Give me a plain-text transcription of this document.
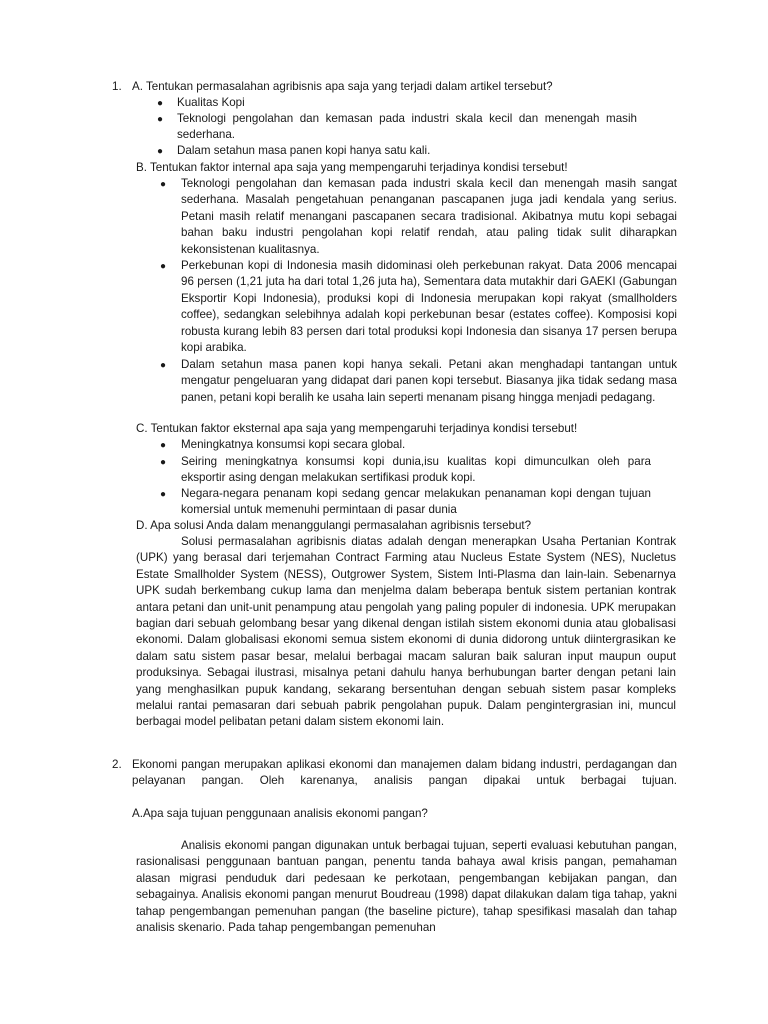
1. A. Tentukan permasalahan agribisnis apa saja yang terjadi dalam artikel tersebut?
● Kualitas Kopi
● Teknologi pengolahan dan kemasan pada industri skala kecil dan menengah masih sederhana.
● Dalam setahun masa panen kopi hanya satu kali.
B. Tentukan faktor internal apa saja yang mempengaruhi terjadinya kondisi tersebut!
● Teknologi pengolahan dan kemasan pada industri skala kecil dan menengah masih sangat sederhana. Masalah pengetahuan penanganan pascapanen juga jadi kendala yang serius. Petani masih relatif menangani pascapanen secara tradisional. Akibatnya mutu kopi sebagai bahan baku industri pengolahan kopi relatif rendah, atau paling tidak sulit diharapkan kekonsistenan kualitasnya.
● Perkebunan kopi di Indonesia masih didominasi oleh perkebunan rakyat. Data 2006 mencapai 96 persen (1,21 juta ha dari total 1,26 juta ha), Sementara data mutakhir dari GAEKI (Gabungan Eksportir Kopi Indonesia), produksi kopi di Indonesia merupakan kopi rakyat (smallholders coffee), sedangkan selebihnya adalah kopi perkebunan besar (estates coffee). Komposisi kopi robusta kurang lebih 83 persen dari total produksi kopi Indonesia dan sisanya 17 persen berupa kopi arabika.
● Dalam setahun masa panen kopi hanya sekali. Petani akan menghadapi tantangan untuk mengatur pengeluaran yang didapat dari panen kopi tersebut. Biasanya jika tidak sedang masa panen, petani kopi beralih ke usaha lain seperti menanam pisang hingga menjadi pedagang.
C. Tentukan faktor eksternal apa saja yang mempengaruhi terjadinya kondisi tersebut!
● Meningkatnya konsumsi kopi secara global.
● Seiring meningkatnya konsumsi kopi dunia,isu kualitas kopi dimunculkan oleh para eksportir asing dengan melakukan sertifikasi produk kopi.
● Negara-negara penanam kopi sedang gencar melakukan penanaman kopi dengan tujuan komersial untuk memenuhi permintaan di pasar dunia
D. Apa solusi Anda dalam menanggulangi permasalahan agribisnis tersebut?
Solusi permasalahan agribisnis diatas adalah dengan menerapkan Usaha Pertanian Kontrak (UPK) yang berasal dari terjemahan Contract Farming atau Nucleus Estate System (NES), Nucletus Estate Smallholder System (NESS), Outgrower System, Sistem Inti-Plasma dan lain-lain. Sebenarnya UPK sudah berkembang cukup lama dan menjelma dalam beberapa bentuk sistem pertanian kontrak antara petani dan unit-unit penampung atau pengolah yang paling populer di indonesia. UPK merupakan bagian dari sebuah gelombang besar yang dikenal dengan istilah sistem ekonomi dunia atau globalisasi ekonomi. Dalam globalisasi ekonomi semua sistem ekonomi di dunia didorong untuk diintergrasikan ke dalam satu sistem pasar besar, melalui berbagai macam saluran baik saluran input maupun ouput produksinya. Sebagai ilustrasi, misalnya petani dahulu hanya berhubungan barter dengan petani lain yang menghasilkan pupuk kandang, sekarang bersentuhan dengan sebuah sistem pasar kompleks melalui rantai pemasaran dari sebuah pabrik pengolahan pupuk. Dalam pengintergrasian ini, muncul berbagai model pelibatan petani dalam sistem ekonomi lain.
2. Ekonomi pangan merupakan aplikasi ekonomi dan manajemen dalam bidang industri, perdagangan dan pelayanan pangan. Oleh karenanya, analisis pangan dipakai untuk berbagai tujuan.
A.Apa saja tujuan penggunaan analisis ekonomi pangan?
Analisis ekonomi pangan digunakan untuk berbagai tujuan, seperti evaluasi kebutuhan pangan, rasionalisasi penggunaan bantuan pangan, penentu tanda bahaya awal krisis pangan, pemahaman alasan migrasi penduduk dari pedesaan ke perkotaan, pengembangan kebijakan pangan, dan sebagainya. Analisis ekonomi pangan menurut Boudreau (1998) dapat dilakukan dalam tiga tahap, yakni tahap pengembangan pemenuhan pangan (the baseline picture), tahap spesifikasi masalah dan tahap analisis skenario. Pada tahap pengembangan pemenuhan
